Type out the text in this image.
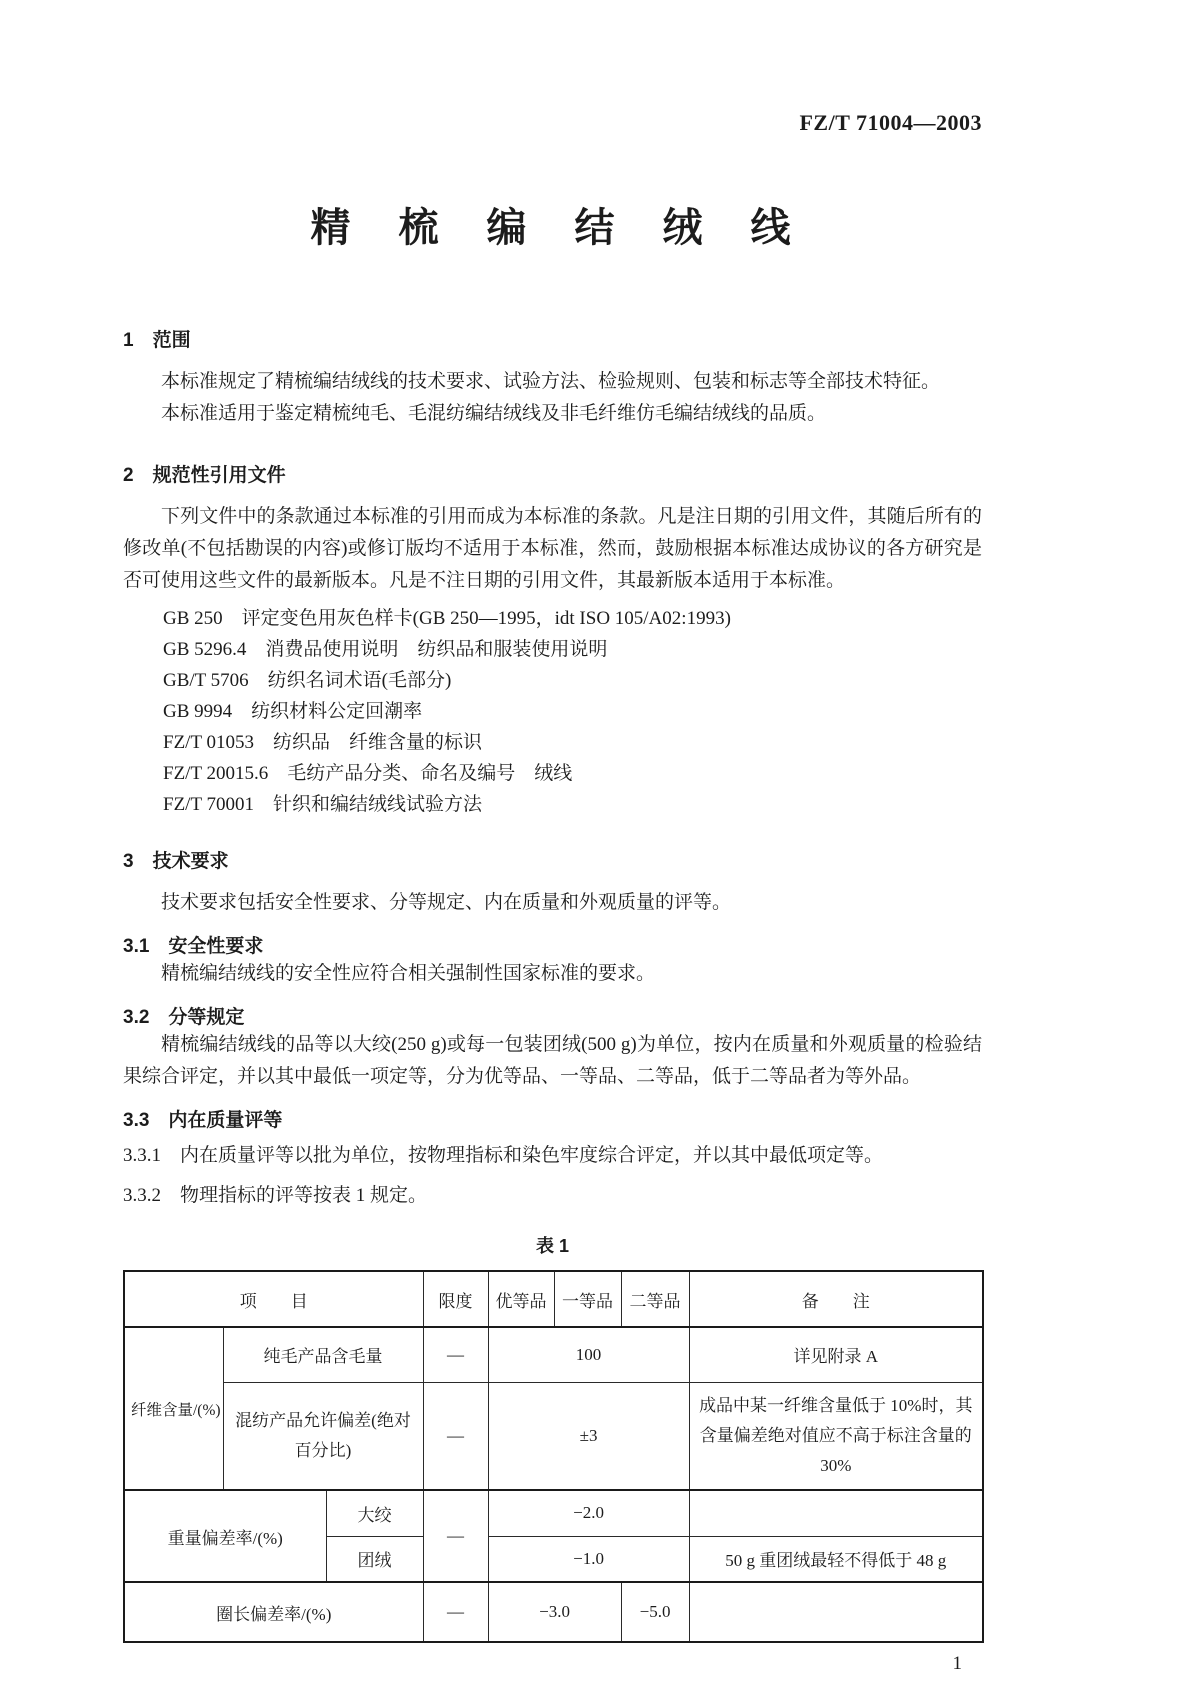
FZ/T 71004—2003
精　梳　编　结　绒　线
1　范围

本标准规定了精梳编结绒线的技术要求、试验方法、检验规则、包装和标志等全部技术特征。

本标准适用于鉴定精梳纯毛、毛混纺编结绒线及非毛纤维仿毛编结绒线的品质。

2　规范性引用文件

下列文件中的条款通过本标准的引用而成为本标准的条款。凡是注日期的引用文件，其随后所有的修改单(不包括勘误的内容)或修订版均不适用于本标准，然而，鼓励根据本标准达成协议的各方研究是否可使用这些文件的最新版本。凡是不注日期的引用文件，其最新版本适用于本标准。

GB 250　评定变色用灰色样卡(GB 250—1995，idt ISO 105/A02:1993)

GB 5296.4　消费品使用说明　纺织品和服装使用说明

GB/T 5706　纺织名词术语(毛部分)

GB 9994　纺织材料公定回潮率

FZ/T 01053　纺织品　纤维含量的标识

FZ/T 20015.6　毛纺产品分类、命名及编号　绒线

FZ/T 70001　针织和编结绒线试验方法

3　技术要求

技术要求包括安全性要求、分等规定、内在质量和外观质量的评等。

3.1　安全性要求

精梳编结绒线的安全性应符合相关强制性国家标准的要求。

3.2　分等规定

精梳编结绒线的品等以大绞(250 g)或每一包装团绒(500 g)为单位，按内在质量和外观质量的检验结果综合评定，并以其中最低一项定等，分为优等品、一等品、二等品，低于二等品者为等外品。

3.3　内在质量评等

3.3.1　内在质量评等以批为单位，按物理指标和染色牢度综合评定，并以其中最低项定等。

3.3.2　物理指标的评等按表 1 规定。

表 1
项　　目			限度	优等品	一等品	二等品	备　　注
纤维含量/(%)	纯毛产品含毛量		—	100			详见附录 A
	混纺产品允许偏差(绝对百分比)		—	±3			成品中某一纤维含量低于 10%时，其含量偏差绝对值应不高于标注含量的 30%
重量偏差率/(%)		大绞	—	−2.0			
		团绒		−1.0			50 g 重团绒最轻不得低于 48 g
圈长偏差率/(%)			—	−3.0		−5.0	
1
